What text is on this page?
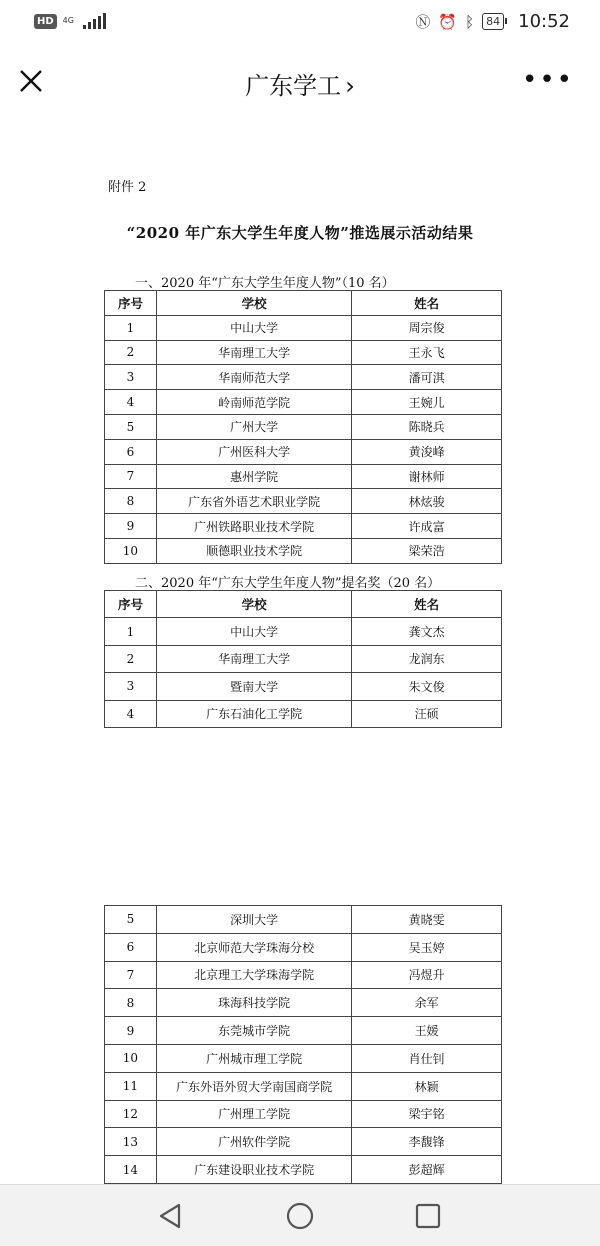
HD	4G	Ⓝ ⏰ ᛒ	84 10:52
广东学工 ›	•••
附件 2
“2020 年广东大学生年度人物”推选展示活动结果
一、2020 年“广东大学生年度人物”（10 名）
序号	学校	姓名
1	中山大学	周宗俊
2	华南理工大学	王永飞
3	华南师范大学	潘可淇
4	岭南师范学院	王婉儿
5	广州大学	陈晓兵
6	广州医科大学	黄浚峰
7	惠州学院	谢林师
8	广东省外语艺术职业学院	林炫骏
9	广州铁路职业技术学院	许成富
10	顺德职业技术学院	梁荣浩
二、2020 年“广东大学生年度人物”提名奖（20 名）
序号	学校	姓名
1	中山大学	龚文杰
2	华南理工大学	龙润东
3	暨南大学	朱文俊
4	广东石油化工学院	汪硕
5	深圳大学	黄晓雯
6	北京师范大学珠海分校	吴玉婷
7	北京理工大学珠海学院	冯煜升
8	珠海科技学院	余军
9	东莞城市学院	王媛
10	广州城市理工学院	肖仕钊
11	广东外语外贸大学南国商学院	林颖
12	广州理工学院	梁宇铭
13	广州软件学院	李馥锋
14	广东建设职业技术学院	彭超辉
